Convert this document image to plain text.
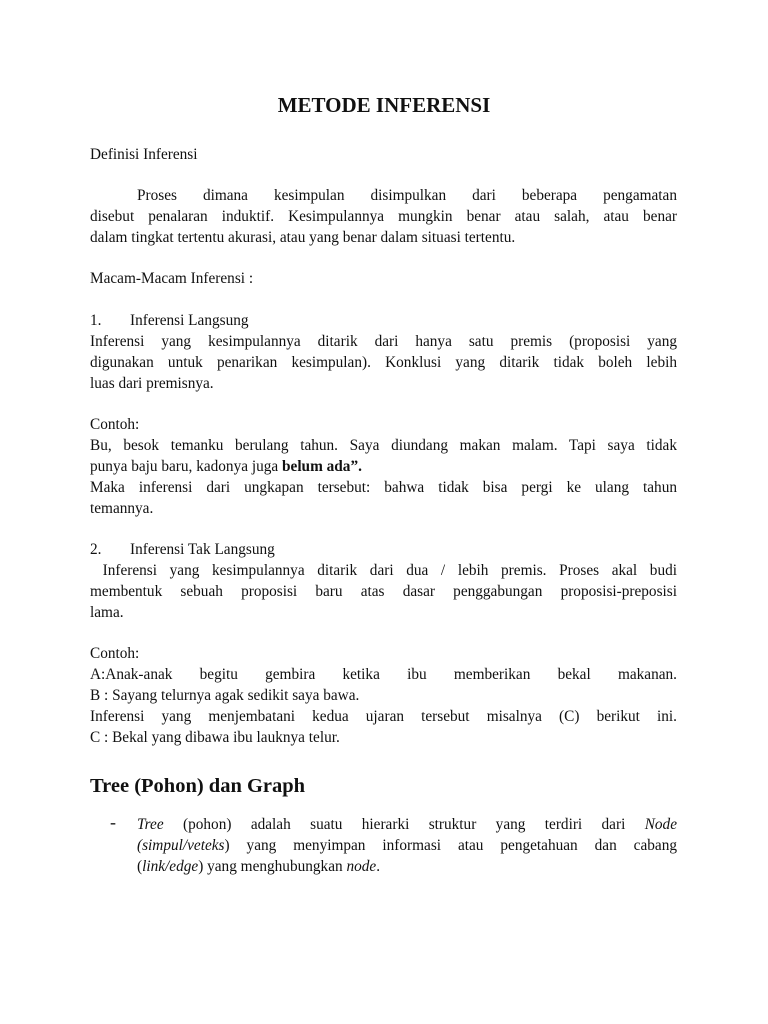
METODE INFERENSI

Definisi Inferensi

Proses dimana kesimpulan disimpulkan dari beberapa pengamatan

disebut penalaran induktif. Kesimpulannya mungkin benar atau salah, atau benar

dalam tingkat tertentu akurasi, atau yang benar dalam situasi tertentu.

Macam-Macam Inferensi :

1. Inferensi Langsung

Inferensi yang kesimpulannya ditarik dari hanya satu premis (proposisi yang

digunakan untuk penarikan kesimpulan). Konklusi yang ditarik tidak boleh lebih

luas dari premisnya.

Contoh:

Bu, besok temanku berulang tahun. Saya diundang makan malam. Tapi saya tidak

punya baju baru, kadonya juga belum ada”.

Maka inferensi dari ungkapan tersebut: bahwa tidak bisa pergi ke ulang tahun

temannya.

2. Inferensi Tak Langsung

Inferensi yang kesimpulannya ditarik dari dua / lebih premis. Proses akal budi

membentuk sebuah proposisi baru atas dasar penggabungan proposisi-preposisi

lama.

Contoh:

A:Anak-anak begitu gembira ketika ibu memberikan bekal makanan.

B : Sayang telurnya agak sedikit saya bawa.

Inferensi yang menjembatani kedua ujaran tersebut misalnya (C) berikut ini.

C : Bekal yang dibawa ibu lauknya telur.

Tree (Pohon) dan Graph
- Tree (pohon) adalah suatu hierarki struktur yang terdiri dari Node

(simpul/veteks) yang menyimpan informasi atau pengetahuan dan cabang

(link/edge) yang menghubungkan node.
